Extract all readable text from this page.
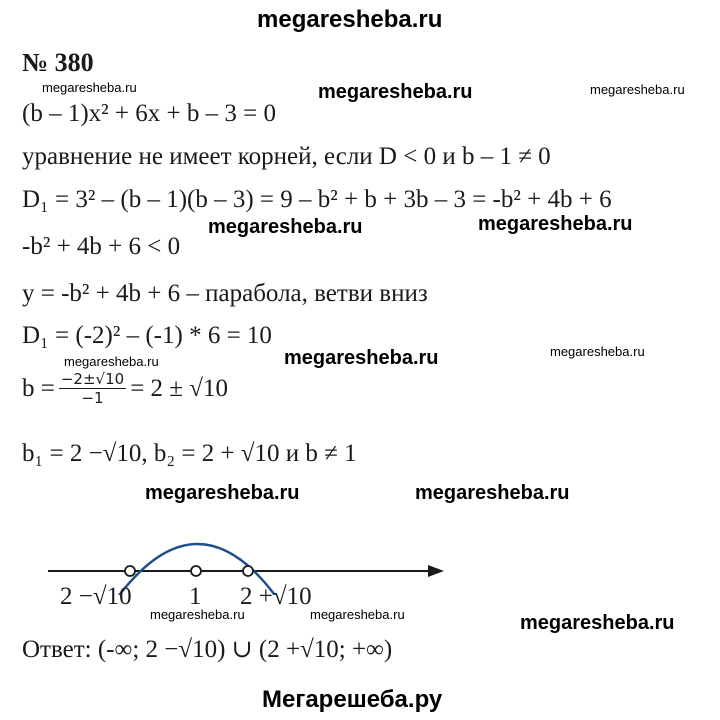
megaresheba.ru
№ 380
megaresheba.ru	megaresheba.ru	megaresheba.ru
(b – 1)x² + 6x + b – 3 = 0
уравнение не имеет корней, если D < 0 и b – 1 ≠ 0
D₁ = 3² – (b – 1)(b – 3) = 9 – b² + b + 3b – 3 = -b² + 4b + 6
megaresheba.ru	megaresheba.ru
-b² + 4b + 6 < 0
y = -b² + 4b + 6 – парабола, ветви вниз
D₁ = (-2)² – (-1) * 6 = 10
megaresheba.ru	megaresheba.ru	megaresheba.ru
$b = \frac{-2\pm√10}{-1} = 2 \pm √10$
b₁ = 2 −√10, b₂ = 2 + √10 и b ≠ 1
megaresheba.ru	megaresheba.ru
2 −√10 1 2 +√10
megaresheba.ru	megaresheba.ru	megaresheba.ru
Ответ: (-∞; 2 −√10) ∪ (2 +√10; +∞)
Мегарешеба.ру
